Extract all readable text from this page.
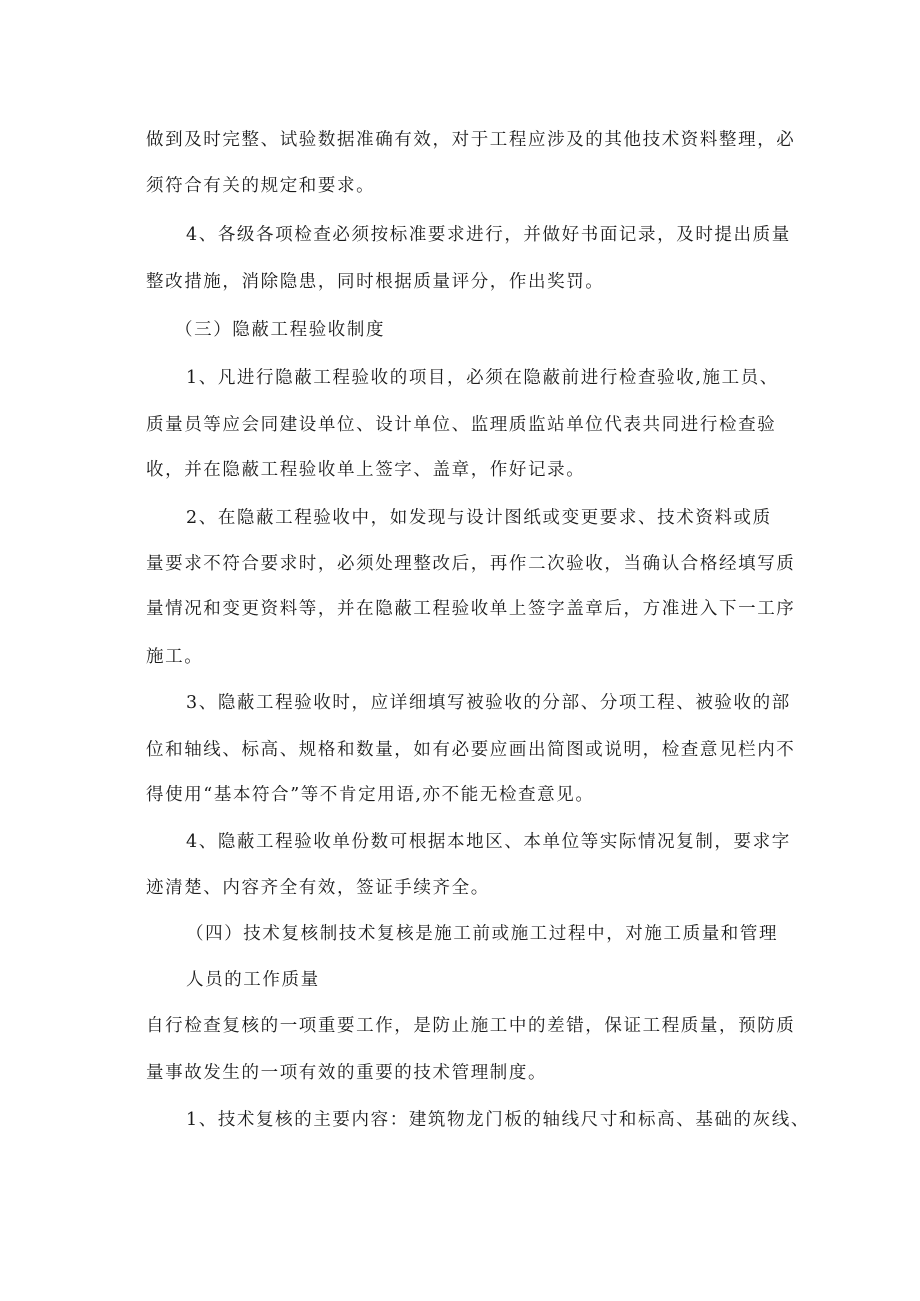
做到及时完整、试验数据准确有效，对于工程应涉及的其他技术资料整理，必
须符合有关的规定和要求。
4、各级各项检查必须按标准要求进行，并做好书面记录，及时提出质量
整改措施，消除隐患，同时根据质量评分，作出奖罚。
（三）隐蔽工程验收制度
1、凡进行隐蔽工程验收的项目，必须在隐蔽前进行检查验收,施工员、
质量员等应会同建设单位、设计单位、监理质监站单位代表共同进行检查验
收，并在隐蔽工程验收单上签字、盖章，作好记录。
2、在隐蔽工程验收中，如发现与设计图纸或变更要求、技术资料或质
量要求不符合要求时，必须处理整改后，再作二次验收，当确认合格经填写质
量情况和变更资料等，并在隐蔽工程验收单上签字盖章后，方准进入下一工序
施工。
3、隐蔽工程验收时，应详细填写被验收的分部、分项工程、被验收的部
位和轴线、标高、规格和数量，如有必要应画出简图或说明，检查意见栏内不
得使用“基本符合”等不肯定用语,亦不能无检查意见。
4、隐蔽工程验收单份数可根据本地区、本单位等实际情况复制，要求字
迹清楚、内容齐全有效，签证手续齐全。
（四）技术复核制技术复核是施工前或施工过程中，对施工质量和管理
人员的工作质量
自行检查复核的一项重要工作，是防止施工中的差错，保证工程质量，预防质
量事故发生的一项有效的重要的技术管理制度。
1、技术复核的主要内容：建筑物龙门板的轴线尺寸和标高、基础的灰线、
